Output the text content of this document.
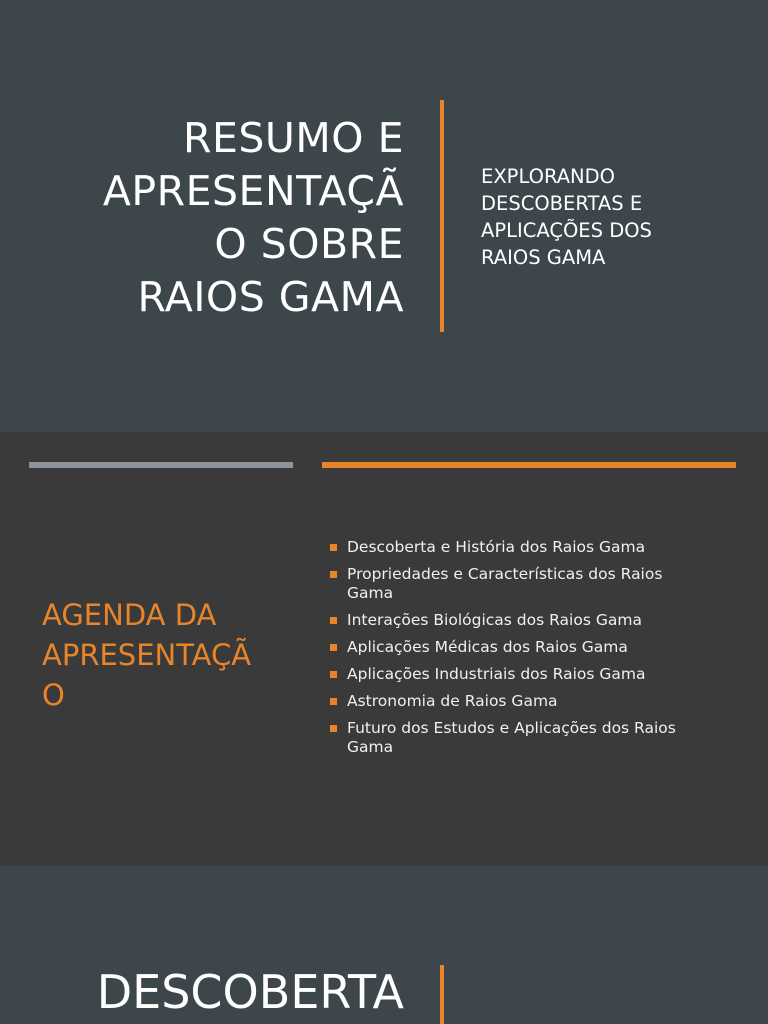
RESUMO E
APRESENTAÇÃ
O SOBRE
RAIOS GAMA
EXPLORANDO
DESCOBERTAS E
APLICAÇÕES DOS
RAIOS GAMA
AGENDA DA
APRESENTAÇÃ
O
Descoberta e História dos Raios Gama
Propriedades e Características dos Raios Gama
Interações Biológicas dos Raios Gama
Aplicações Médicas dos Raios Gama
Aplicações Industriais dos Raios Gama
Astronomia de Raios Gama
Futuro dos Estudos e Aplicações dos Raios Gama
DESCOBERTA
